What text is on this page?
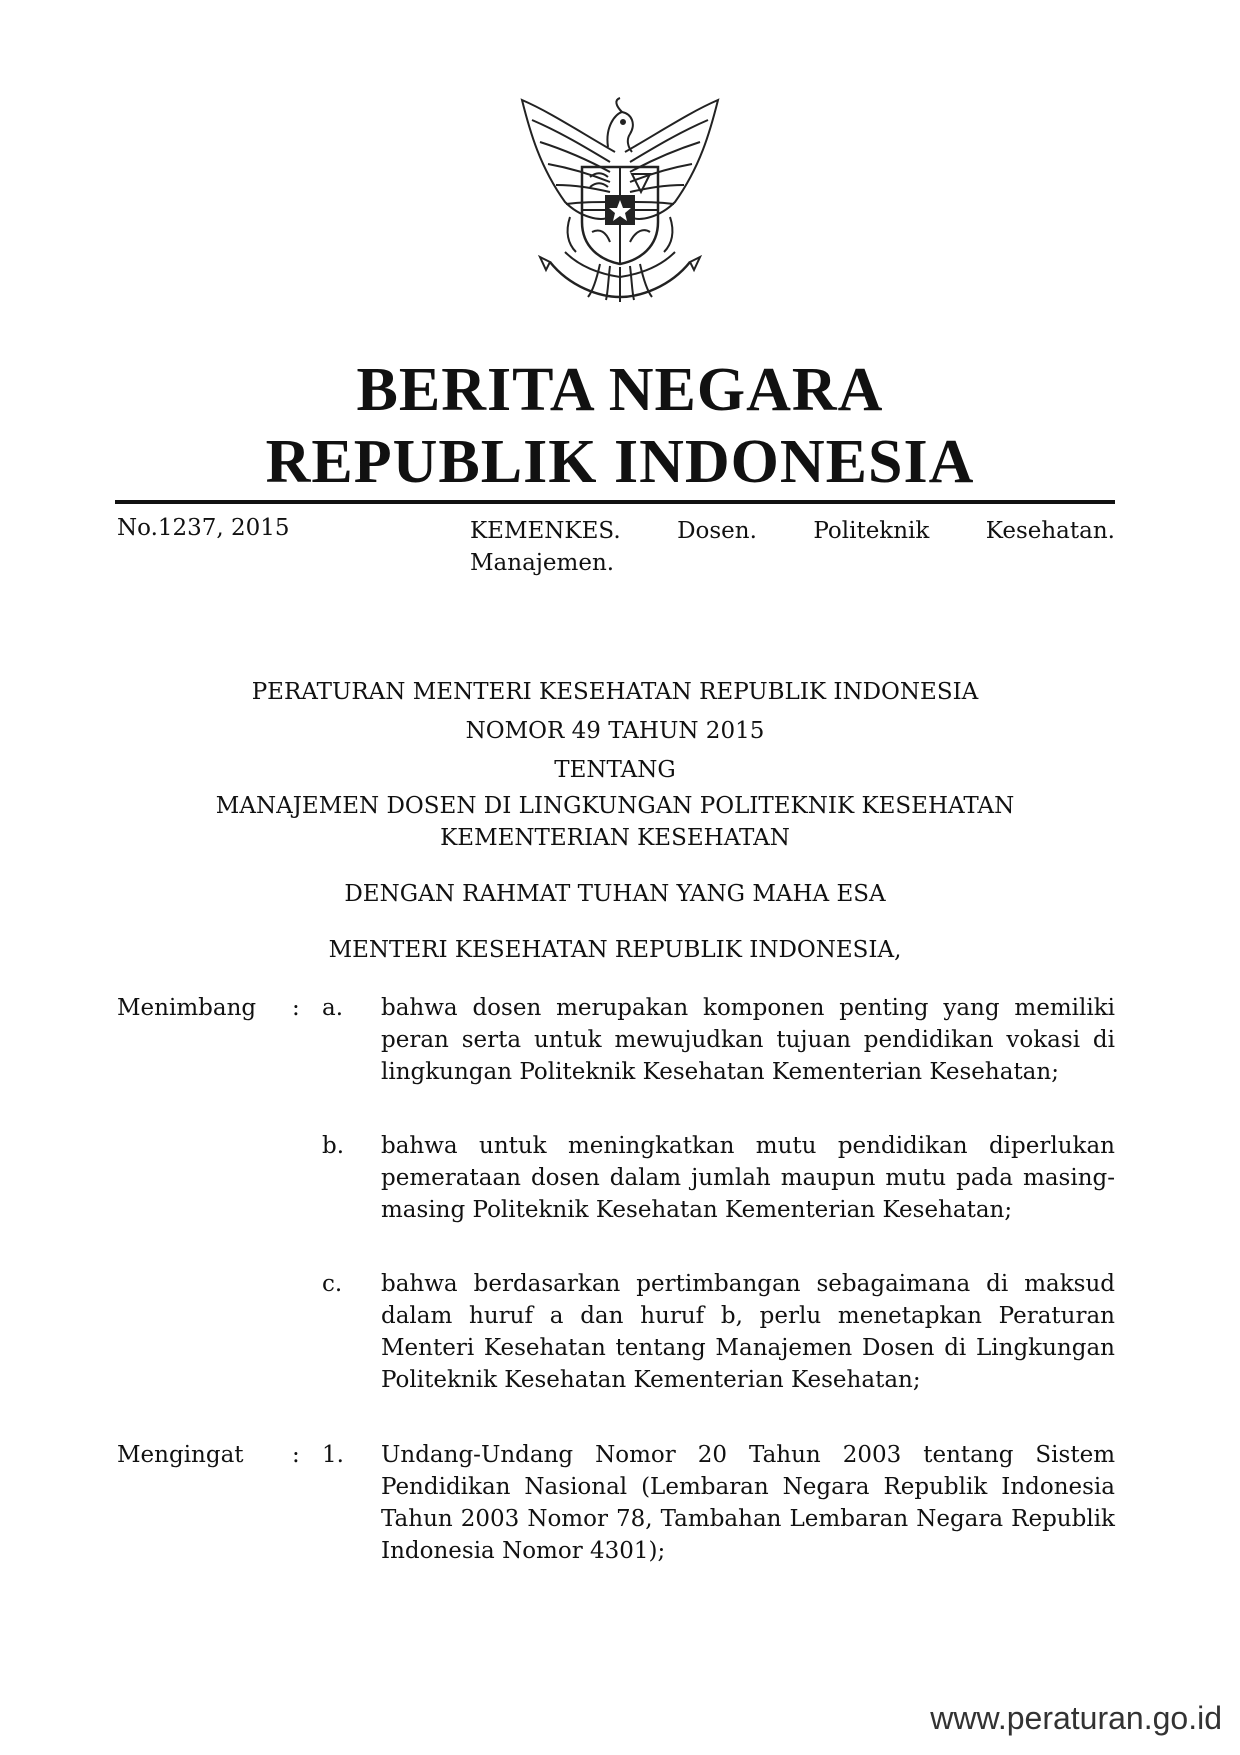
BERITA NEGARA
REPUBLIK INDONESIA
No.1237, 2015	KEMENKES. Dosen. Politeknik Kesehatan.
Manajemen.
PERATURAN MENTERI KESEHATAN REPUBLIK INDONESIA
NOMOR 49 TAHUN 2015
TENTANG
MANAJEMEN DOSEN DI LINGKUNGAN POLITEKNIK KESEHATAN
KEMENTERIAN KESEHATAN
DENGAN RAHMAT TUHAN YANG MAHA ESA
MENTERI KESEHATAN REPUBLIK INDONESIA,
Menimbang : a. bahwa dosen merupakan komponen penting yang memiliki peran serta untuk mewujudkan tujuan pendidikan vokasi di lingkungan Politeknik Kesehatan Kementerian Kesehatan;
b. bahwa untuk meningkatkan mutu pendidikan diperlukan pemerataan dosen dalam jumlah maupun mutu pada masing-masing Politeknik Kesehatan Kementerian Kesehatan;
c. bahwa berdasarkan pertimbangan sebagaimana di maksud dalam huruf a dan huruf b, perlu menetapkan Peraturan Menteri Kesehatan tentang Manajemen Dosen di Lingkungan Politeknik Kesehatan Kementerian Kesehatan;
Mengingat : 1. Undang-Undang Nomor 20 Tahun 2003 tentang Sistem Pendidikan Nasional (Lembaran Negara Republik Indonesia Tahun 2003 Nomor 78, Tambahan Lembaran Negara Republik Indonesia Nomor 4301);
www.peraturan.go.id
